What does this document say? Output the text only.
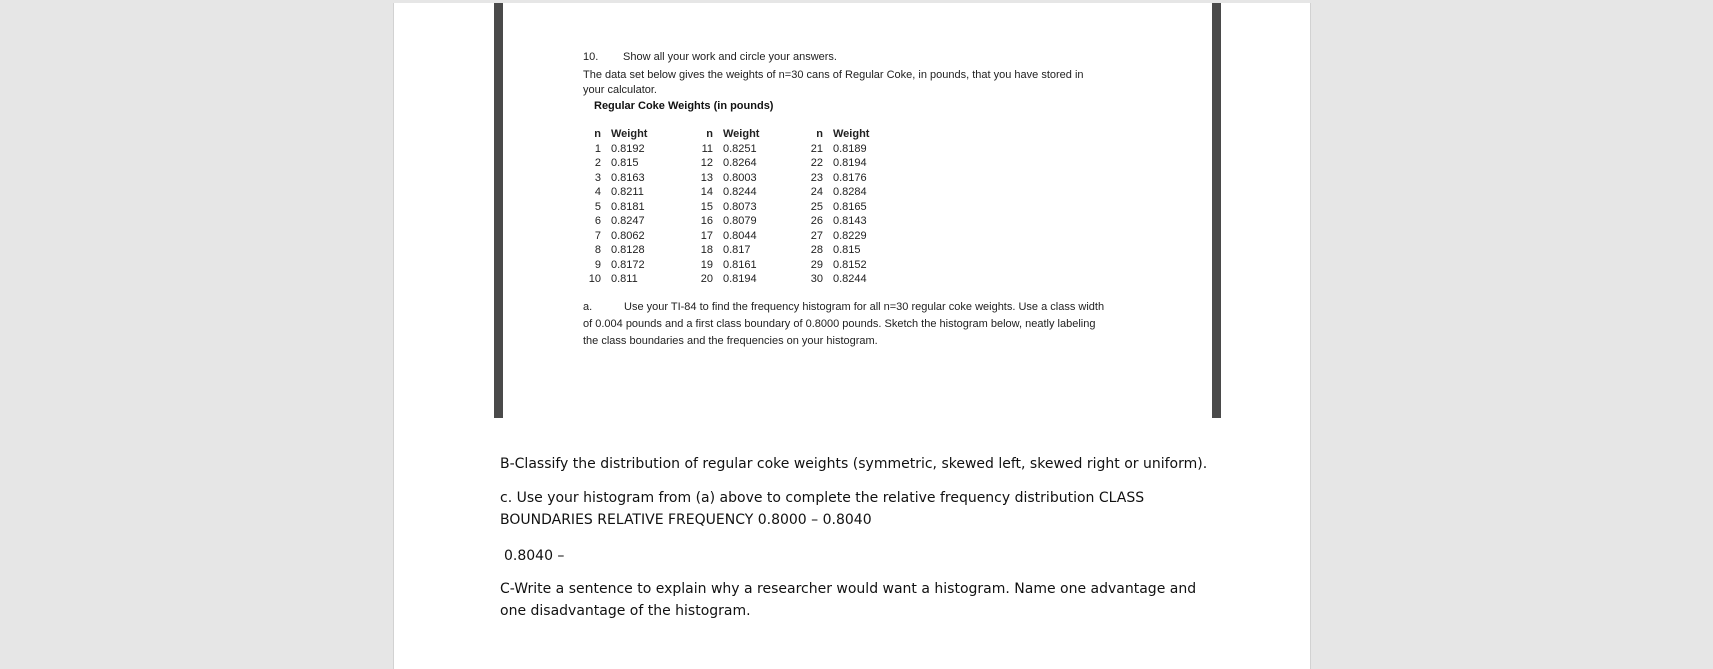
10. Show all your work and circle your answers.
The data set below gives the weights of n=30 cans of Regular Coke, in pounds, that you have stored in your calculator.
Regular Coke Weights (in pounds)
n Weight
1 0.8192
2 0.815
3 0.8163
4 0.8211
5 0.8181
6 0.8247
7 0.8062
8 0.8128
9 0.8172
10 0.811
n Weight
11 0.8251
12 0.8264
13 0.8003
14 0.8244
15 0.8073
16 0.8079
17 0.8044
18 0.817
19 0.8161
20 0.8194
n Weight
21 0.8189
22 0.8194
23 0.8176
24 0.8284
25 0.8165
26 0.8143
27 0.8229
28 0.815
29 0.8152
30 0.8244
a.	Use your TI-84 to find the frequency histogram for all n=30 regular coke weights. Use a class width of 0.004 pounds and a first class boundary of 0.8000 pounds. Sketch the histogram below, neatly labeling the class boundaries and the frequencies on your histogram.
B-Classify the distribution of regular coke weights (symmetric, skewed left, skewed right or uniform).
c. Use your histogram from (a) above to complete the relative frequency distribution CLASS BOUNDARIES RELATIVE FREQUENCY 0.8000 – 0.8040
0.8040 –
C-Write a sentence to explain why a researcher would want a histogram. Name one advantage and one disadvantage of the histogram.
